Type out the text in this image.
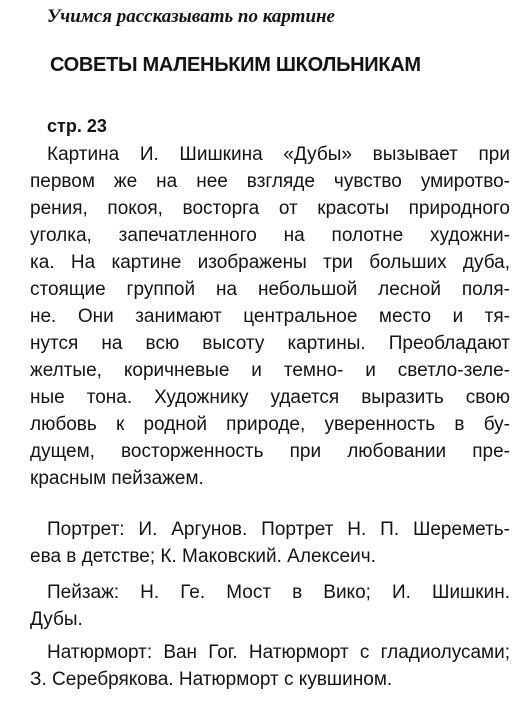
Учимся рассказывать по картине
СОВЕТЫ МАЛЕНЬКИМ ШКОЛЬНИКАМ
стр. 23
Картина И. Шишкина «Дубы» вызывает при
первом же на нее взгляде чувство умиротво-
рения, покоя, восторга от красоты природного
уголка, запечатленного на полотне художни-
ка. На картине изображены три больших дуба,
стоящие группой на небольшой лесной поля-
не. Они занимают центральное место и тя-
нутся на всю высоту картины. Преобладают
желтые, коричневые и темно- и светло-зеле-
ные тона. Художнику удается выразить свою
любовь к родной природе, уверенность в бу-
дущем, восторженность при любовании пре-
красным пейзажем.
Портрет: И. Аргунов. Портрет Н. П. Шереметь-
ева в детстве; К. Маковский. Алексеич.
Пейзаж: Н. Ге. Мост в Вико; И. Шишкин.
Дубы.
Натюрморт: Ван Гог. Натюрморт с гладиолусами;
З. Серебрякова. Натюрморт с кувшином.
